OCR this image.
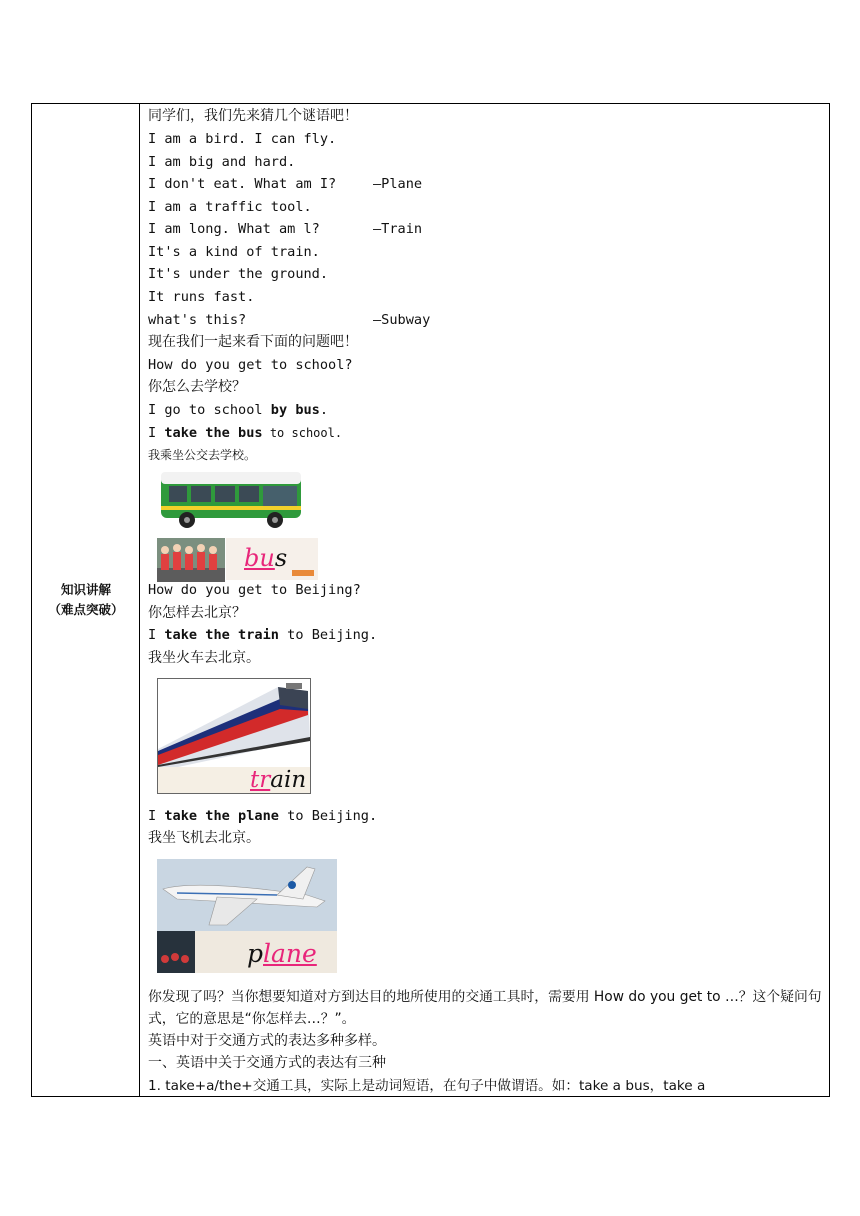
知识讲解
（难点突破）
同学们，我们先来猜几个谜语吧！
I am a bird. I can fly.
I am big and hard.
I don't eat. What am I?	—Plane
I am a traffic tool.
I am long. What am l?	—Train
It's a kind of train.
It's under the ground.
It runs fast.
what's this?	—Subway
现在我们一起来看下面的问题吧！
How do you get to school?
你怎么去学校？
I go to school by bus.
I take the bus to school.
我乘坐公交去学校。
bus
How do you get to Beijing?
你怎样去北京？
I take the train to Beijing.
我坐火车去北京。
train
I take the plane to Beijing.
我坐飞机去北京。
plane
你发现了吗？当你想要知道对方到达目的地所使用的交通工具时，需要用 How do you get to …？这个疑问句式，它的意思是“你怎样去…？”。
英语中对于交通方式的表达多种多样。
一、英语中关于交通方式的表达有三种
1. take+a/the+交通工具，实际上是动词短语，在句子中做谓语。如：take a bus，take a
